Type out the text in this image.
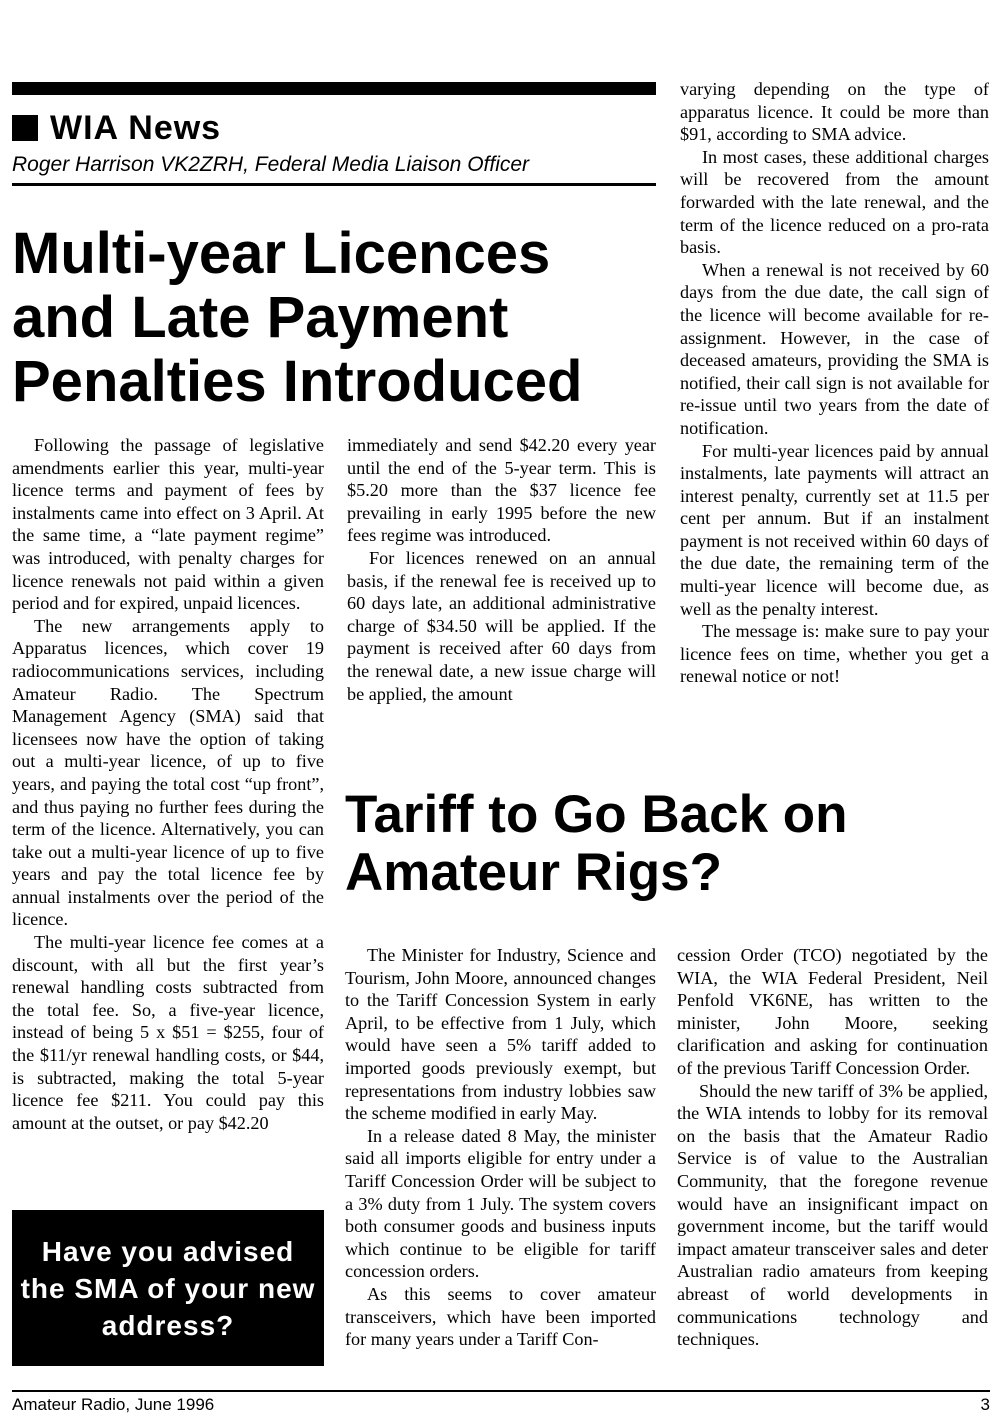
WIA News
Roger Harrison VK2ZRH, Federal Media Liaison Officer
Multi-year Licences and Late Payment Penalties Introduced

Following the passage of legislative amendments earlier this year, multi-year licence terms and payment of fees by instalments came into effect on 3 April. At the same time, a “late payment regime” was introduced, with penalty charges for licence renewals not paid within a given period and for expired, unpaid licences.

The new arrangements apply to Apparatus licences, which cover 19 radiocommunications services, including Amateur Radio. The Spectrum Management Agency (SMA) said that licensees now have the option of taking out a multi-year licence, of up to five years, and paying the total cost “up front”, and thus paying no further fees during the term of the licence. Alternatively, you can take out a multi-year licence of up to five years and pay the total licence fee by annual instalments over the period of the licence.

The multi-year licence fee comes at a discount, with all but the first year’s renewal handling costs subtracted from the total fee. So, a five-year licence, instead of being 5 x $51 = $255, four of the $11/yr renewal handling costs, or $44, is subtracted, making the total 5-year licence fee $211. You could pay this amount at the outset, or pay $42.20

immediately and send $42.20 every year until the end of the 5-year term. This is $5.20 more than the $37 licence fee prevailing in early 1995 before the new fees regime was introduced.

For licences renewed on an annual basis, if the renewal fee is received up to 60 days late, an additional administrative charge of $34.50 will be applied. If the payment is received after 60 days from the renewal date, a new issue charge will be applied, the amount

varying depending on the type of apparatus licence. It could be more than $91, according to SMA advice.

In most cases, these additional charges will be recovered from the amount forwarded with the late renewal, and the term of the licence reduced on a pro-rata basis.

When a renewal is not received by 60 days from the due date, the call sign of the licence will become available for re-assignment. However, in the case of deceased amateurs, providing the SMA is notified, their call sign is not available for re-issue until two years from the date of notification.

For multi-year licences paid by annual instalments, late payments will attract an interest penalty, currently set at 11.5 per cent per annum. But if an instalment payment is not received within 60 days of the due date, the remaining term of the multi-year licence will become due, as well as the penalty interest.

The message is: make sure to pay your licence fees on time, whether you get a renewal notice or not!

Have you advised the SMA of your new address?
Tariff to Go Back on Amateur Rigs?

The Minister for Industry, Science and Tourism, John Moore, announced changes to the Tariff Concession System in early April, to be effective from 1 July, which would have seen a 5% tariff added to imported goods previously exempt, but representations from industry lobbies saw the scheme modified in early May.

In a release dated 8 May, the minister said all imports eligible for entry under a Tariff Concession Order will be subject to a 3% duty from 1 July. The system covers both consumer goods and business inputs which continue to be eligible for tariff concession orders.

As this seems to cover amateur transceivers, which have been imported for many years under a Tariff Con-

cession Order (TCO) negotiated by the WIA, the WIA Federal President, Neil Penfold VK6NE, has written to the minister, John Moore, seeking clarification and asking for continuation of the previous Tariff Concession Order.

Should the new tariff of 3% be applied, the WIA intends to lobby for its removal on the basis that the Amateur Radio Service is of value to the Australian Community, that the foregone revenue would have an insignificant impact on government income, but the tariff would impact amateur transceiver sales and deter Australian radio amateurs from keeping abreast of world developments in communications technology and techniques.

Amateur Radio, June 1996	3
